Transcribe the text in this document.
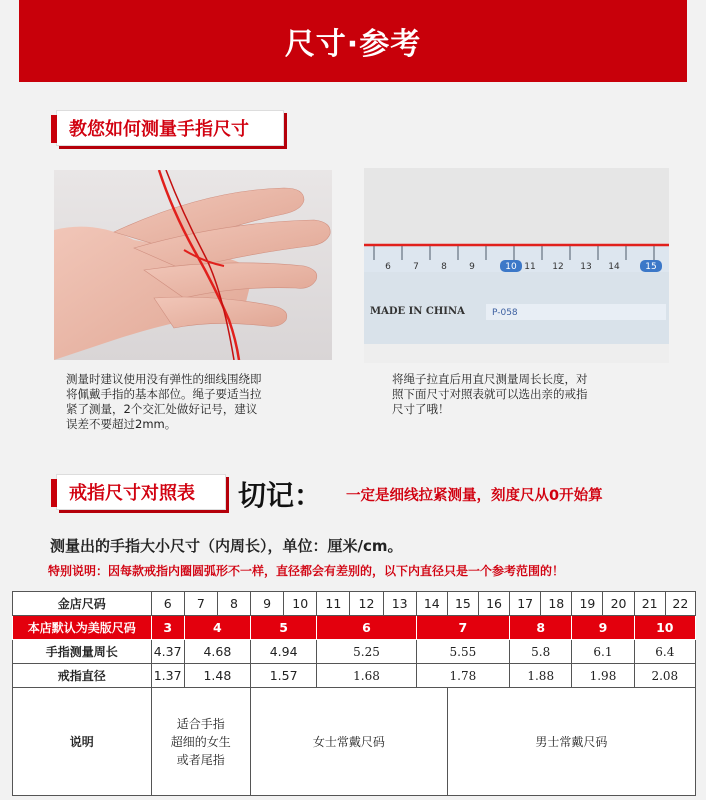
尺寸·参考
教您如何测量手指尺寸
6 7 8 9	10 11 12 13 14	15
MADE IN CHINA	P-058
测量时建议使用没有弹性的细线围绕即
将佩戴手指的基本部位。绳子要适当拉
紧了测量，2个交汇处做好记号，建议
误差不要超过2mm。
将绳子拉直后用直尺测量周长长度，对
照下面尺寸对照表就可以选出亲的戒指
尺寸了哦！
戒指尺寸对照表 切记： 一定是细线拉紧测量，刻度尺从0开始算
测量出的手指大小尺寸（内周长），单位：厘米/cm。
特别说明：因每款戒指内圈圆弧形不一样，直径都会有差别的，以下内直径只是一个参考范围的！
金店尺码	6	7	8	9	10	11	12	13	14	15	16	17	18	19	20	21	22
本店默认为美版尺码	3	4		5		6			7			8		9		10	
手指测量周长	4.37	4.68		4.94		5.25			5.55			5.8		6.1		6.4	
戒指直径	1.37	1.48		1.57		1.68			1.78			1.88		1.98		2.08	
说明	适合手指
超细的女生
或者尾指			女士常戴尺码						男士常戴尺码							
